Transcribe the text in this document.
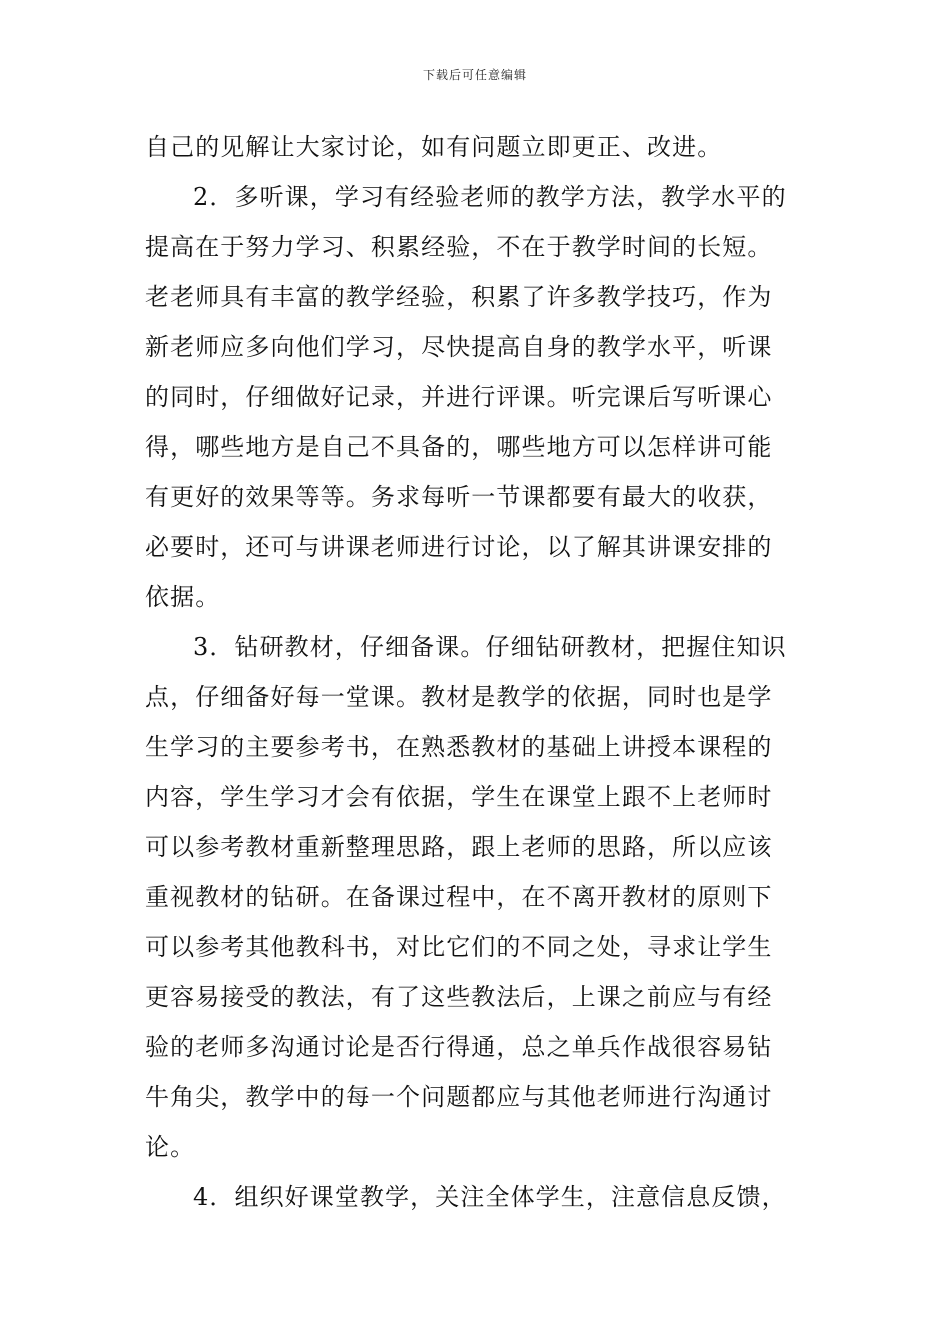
下载后可任意编辑
自己的见解让大家讨论，如有问题立即更正、改进。
2．多听课，学习有经验老师的教学方法，教学水平的
提高在于努力学习、积累经验，不在于教学时间的长短。
老老师具有丰富的教学经验，积累了许多教学技巧，作为
新老师应多向他们学习，尽快提高自身的教学水平，听课
的同时，仔细做好记录，并进行评课。听完课后写听课心
得，哪些地方是自己不具备的，哪些地方可以怎样讲可能
有更好的效果等等。务求每听一节课都要有最大的收获，
必要时，还可与讲课老师进行讨论，以了解其讲课安排的
依据。
3．钻研教材，仔细备课。仔细钻研教材，把握住知识
点，仔细备好每一堂课。教材是教学的依据，同时也是学
生学习的主要参考书，在熟悉教材的基础上讲授本课程的
内容，学生学习才会有依据，学生在课堂上跟不上老师时
可以参考教材重新整理思路，跟上老师的思路，所以应该
重视教材的钻研。在备课过程中，在不离开教材的原则下
可以参考其他教科书，对比它们的不同之处，寻求让学生
更容易接受的教法，有了这些教法后，上课之前应与有经
验的老师多沟通讨论是否行得通，总之单兵作战很容易钻
牛角尖，教学中的每一个问题都应与其他老师进行沟通讨
论。
4．组织好课堂教学，关注全体学生，注意信息反馈，
